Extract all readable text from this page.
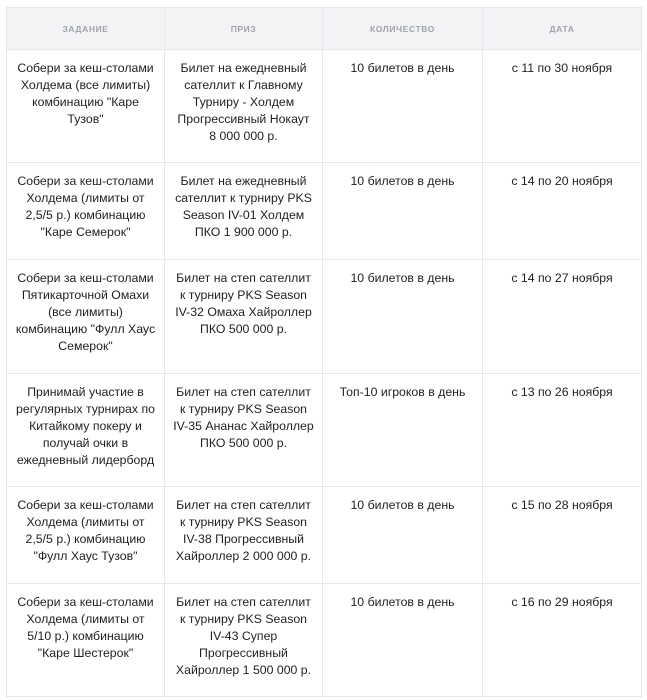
ЗАДАНИЕ	ПРИЗ	КОЛИЧЕСТВО	ДАТА

Собери за кеш-столами
Холдема (все лимиты)
комбинацию "Каре
Тузов"	Билет на ежедневный
сателлит к Главному
Турниру - Холдем
Прогрессивный Нокаут
8 000 000 р.	10 билетов в день	с 11 по 30 ноября

Собери за кеш-столами
Холдема (лимиты от
2,5/5 р.) комбинацию
"Каре Семерок"	Билет на ежедневный
сателлит к турниру PKS
Season IV-01 Холдем
ПКО 1 900 000 р.	10 билетов в день	с 14 по 20 ноября

Собери за кеш-столами
Пятикарточной Омахи
(все лимиты)
комбинацию "Фулл Хаус
Семерок"	Билет на степ сателлит
к турниру PKS Season
IV-32 Омаха Хайроллер
ПКО 500 000 р.	10 билетов в день	с 14 по 27 ноября

Принимай участие в
регулярных турнирах по
Китайкому покеру и
получай очки в
ежедневный лидерборд	Билет на степ сателлит
к турниру PKS Season
IV-35 Ананас Хайроллер
ПКО 500 000 р.	Топ-10 игроков в день	с 13 по 26 ноября

Собери за кеш-столами
Холдема (лимиты от
2,5/5 р.) комбинацию
"Фулл Хаус Тузов"	Билет на степ сателлит
к турниру PKS Season
IV-38 Прогрессивный
Хайроллер 2 000 000 р.	10 билетов в день	с 15 по 28 ноября

Собери за кеш-столами
Холдема (лимиты от
5/10 р.) комбинацию
"Каре Шестерок"	Билет на степ сателлит
к турниру PKS Season
IV-43 Супер
Прогрессивный
Хайроллер 1 500 000 р.	10 билетов в день	с 16 по 29 ноября
